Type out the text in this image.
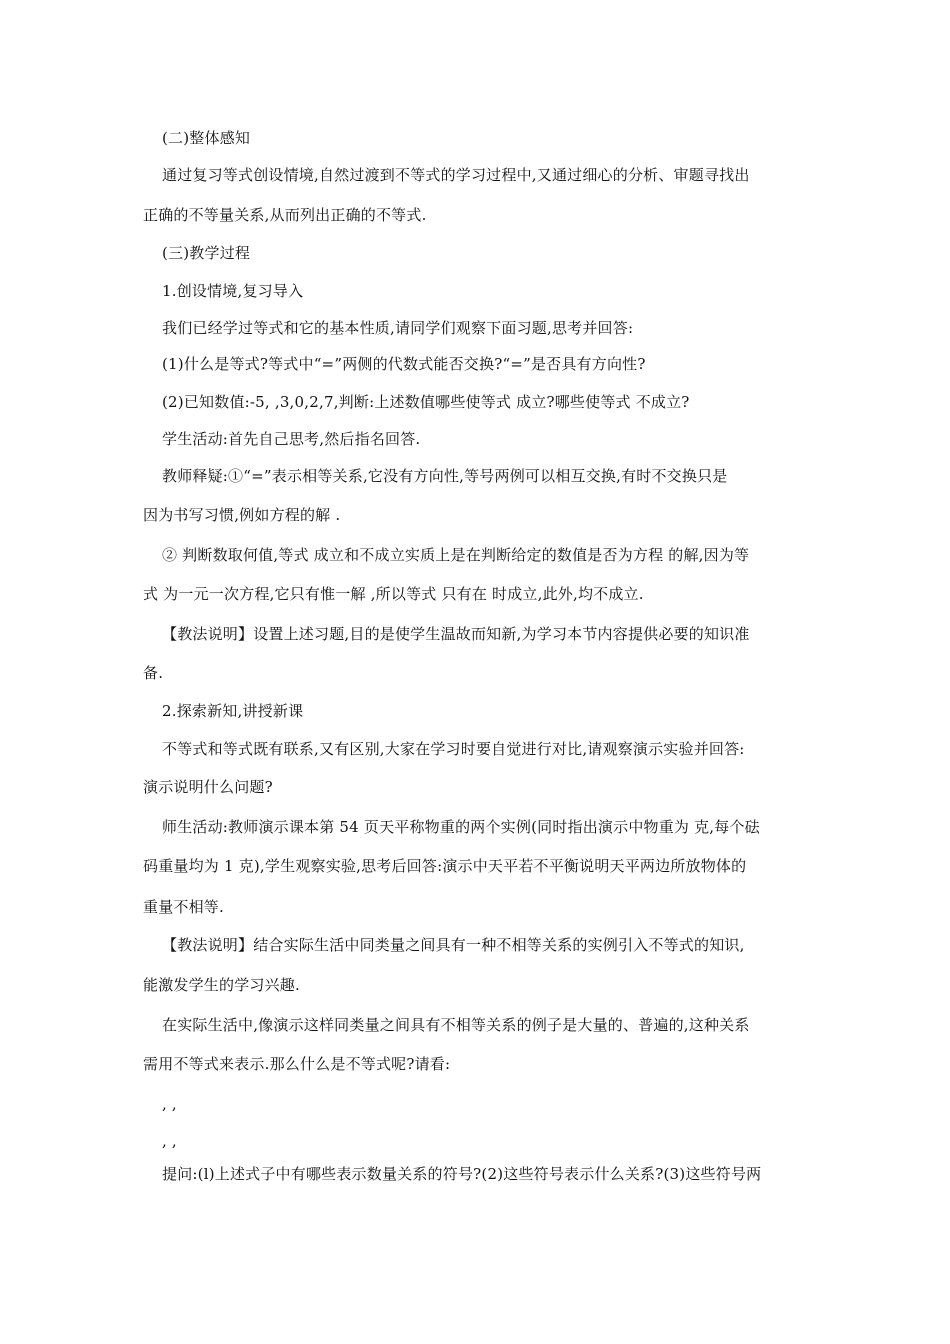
(二)整体感知
通过复习等式创设情境,自然过渡到不等式的学习过程中,又通过细心的分析、审题寻找出
正确的不等量关系,从而列出正确的不等式.
(三)教学过程
1.创设情境,复习导入
我们已经学过等式和它的基本性质,请同学们观察下面习题,思考并回答:
(1)什么是等式?等式中“=”两侧的代数式能否交换?“=”是否具有方向性?
(2)已知数值:-5, ,3,0,2,7,判断:上述数值哪些使等式 成立?哪些使等式 不成立?
学生活动:首先自己思考,然后指名回答.
教师释疑:①“=”表示相等关系,它没有方向性,等号两例可以相互交换,有时不交换只是
因为书写习惯,例如方程的解 .
② 判断数取何值,等式 成立和不成立实质上是在判断给定的数值是否为方程 的解,因为等
式 为一元一次方程,它只有惟一解 ,所以等式 只有在 时成立,此外,均不成立.
【教法说明】设置上述习题,目的是使学生温故而知新,为学习本节内容提供必要的知识准
备.
2.探索新知,讲授新课
不等式和等式既有联系,又有区别,大家在学习时要自觉进行对比,请观察演示实验并回答:
演示说明什么问题?
师生活动:教师演示课本第 54 页天平称物重的两个实例(同时指出演示中物重为 克,每个砝
码重量均为 1 克),学生观察实验,思考后回答:演示中天平若不平衡说明天平两边所放物体的
重量不相等.
【教法说明】结合实际生活中同类量之间具有一种不相等关系的实例引入不等式的知识,
能激发学生的学习兴趣.
在实际生活中,像演示这样同类量之间具有不相等关系的例子是大量的、普遍的,这种关系
需用不等式来表示.那么什么是不等式呢?请看:
, ,
, ,
提问:(l)上述式子中有哪些表示数量关系的符号?(2)这些符号表示什么关系?(3)这些符号两
